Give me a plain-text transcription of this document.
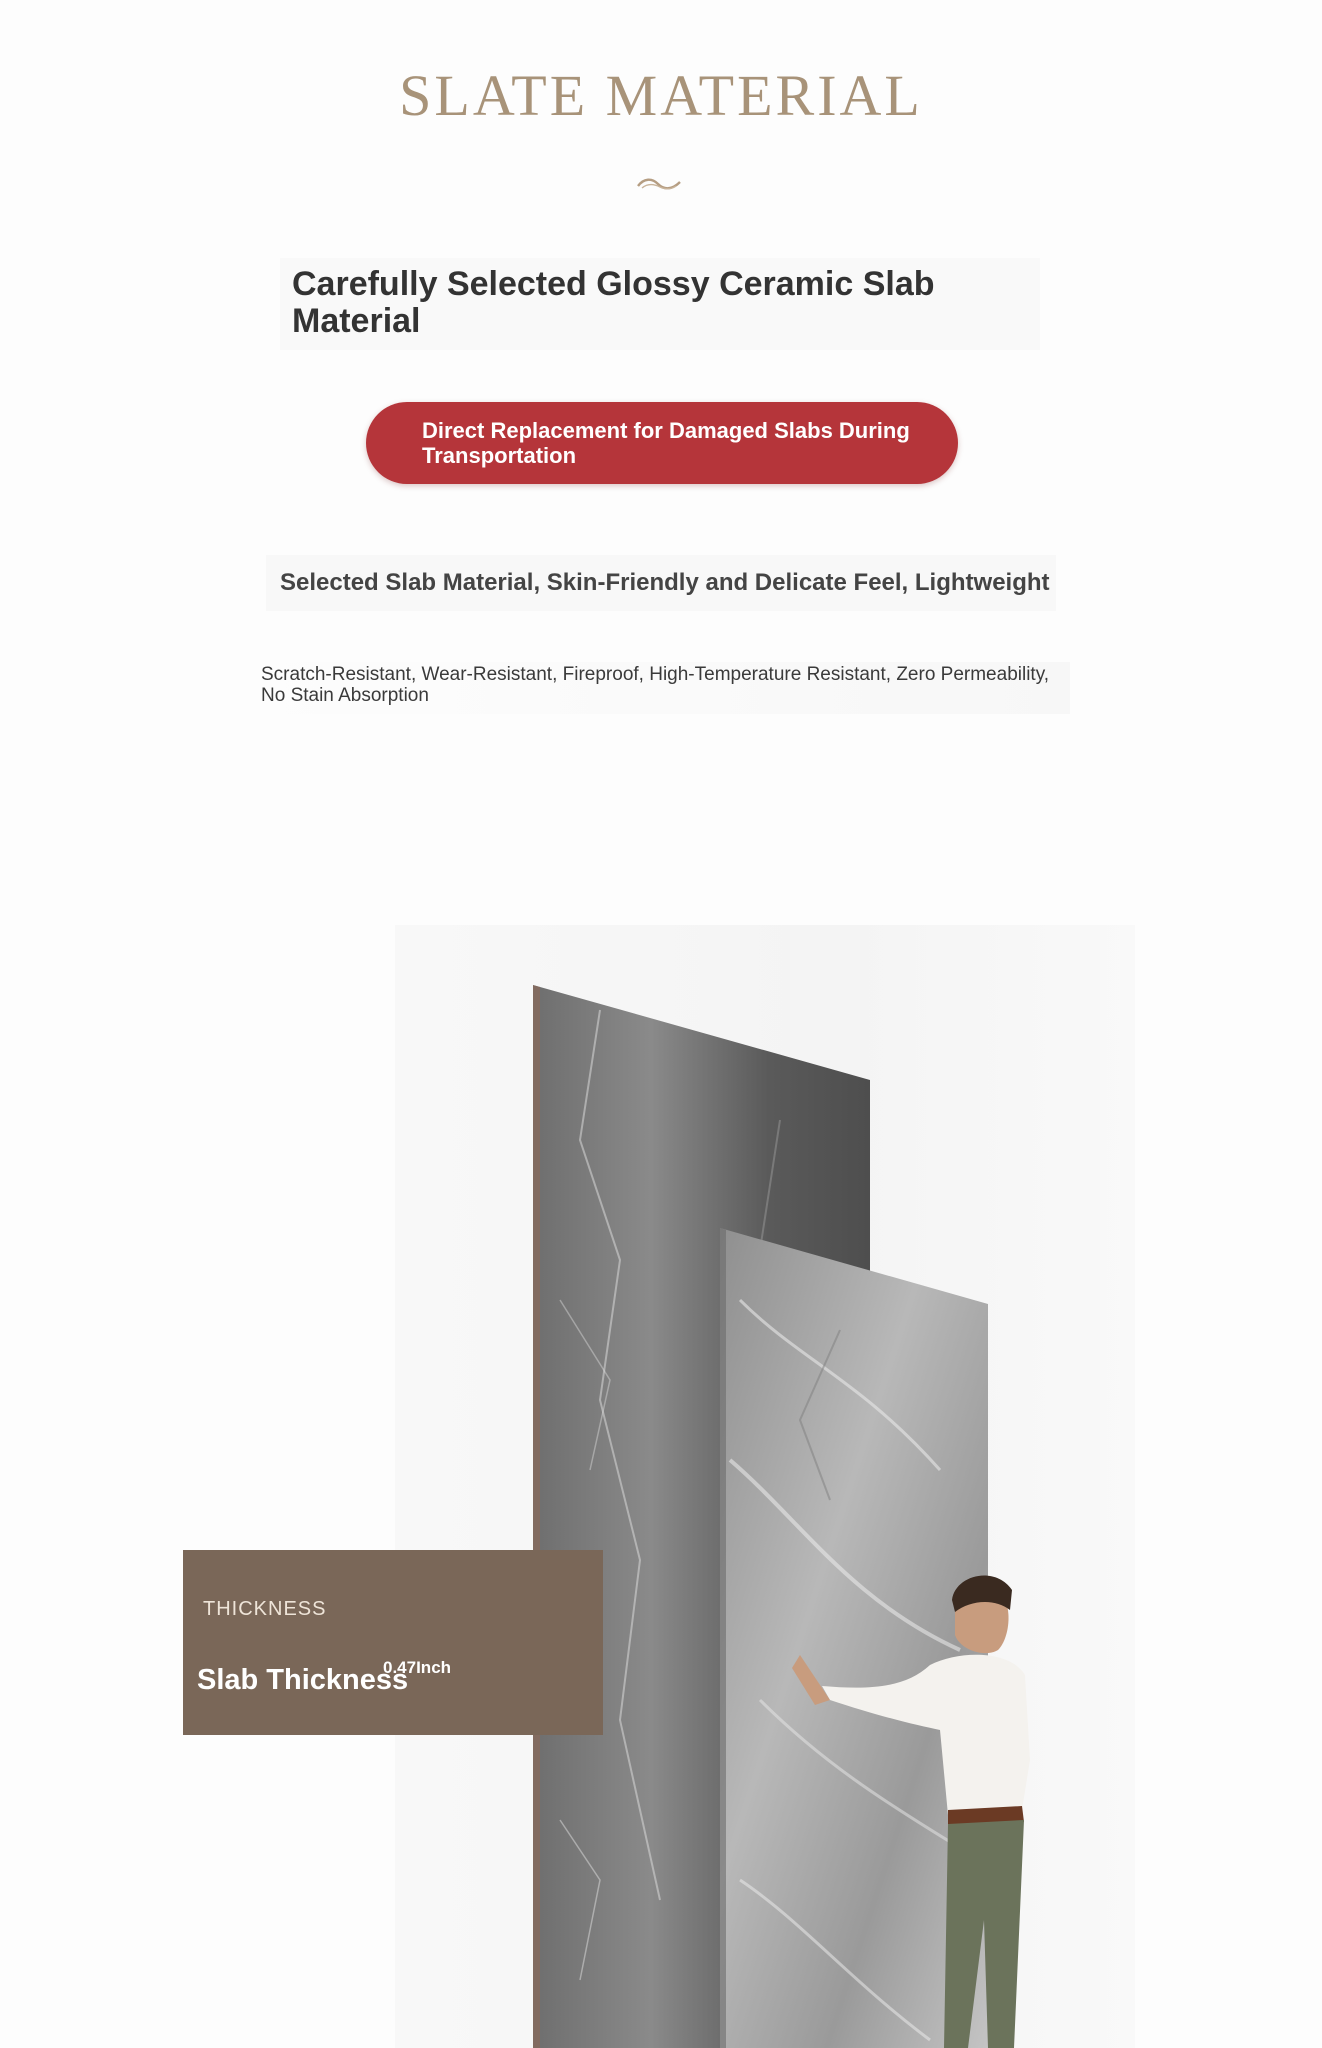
SLATE MATERIAL
Carefully Selected Glossy Ceramic Slab Material
Direct Replacement for Damaged Slabs During Transportation
Selected Slab Material, Skin-Friendly and Delicate Feel, Lightweight
Scratch-Resistant, Wear-Resistant, Fireproof, High-Temperature Resistant, Zero Permeability, No Stain Absorption
THICKNESS
Slab Thickness
0.47Inch
